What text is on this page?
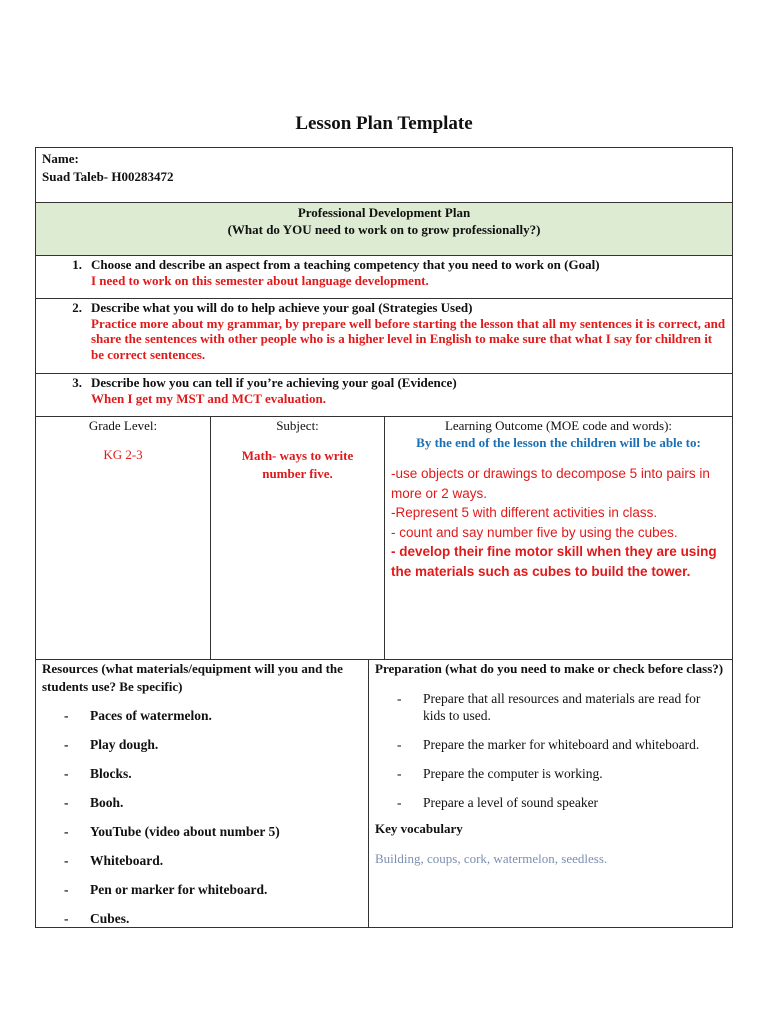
Lesson Plan Template
Name:
Suad Taleb- H00283472
Professional Development Plan
(What do YOU need to work on to grow professionally?)
1. Choose and describe an aspect from a teaching competency that you need to work on (Goal)
I need to work on this semester about language development.
2. Describe what you will do to help achieve your goal (Strategies Used)
Practice more about my grammar, by prepare well before starting the lesson that all my sentences it is correct, and share the sentences with other people who is a higher level in English to make sure that what I say for children it be correct sentences.
3. Describe how you can tell if you’re achieving your goal (Evidence)
When I get my MST and MCT evaluation.
Grade Level:
KG 2-3
Subject:
Math- ways to write number five.
Learning Outcome (MOE code and words):
By the end of the lesson the children will be able to:
-use objects or drawings to decompose 5 into pairs in more or 2 ways.
-Represent 5 with different activities in class.
- count and say number five by using the cubes.
- develop their fine motor skill when they are using the materials such as cubes to build the tower.
Resources (what materials/equipment will you and the students use? Be specific)
-	Paces of watermelon.
-	Play dough.
-	Blocks.
-	Booh.
-	YouTube (video about number 5)
-	Whiteboard.
-	Pen or marker for whiteboard.
-	Cubes.
Preparation (what do you need to make or check before class?)
-	Prepare that all resources and materials are read for kids to used.
-	Prepare the marker for whiteboard and whiteboard.
-	Prepare the computer is working.
-	Prepare a level of sound speaker
Key vocabulary
Building, coups, cork, watermelon, seedless.
